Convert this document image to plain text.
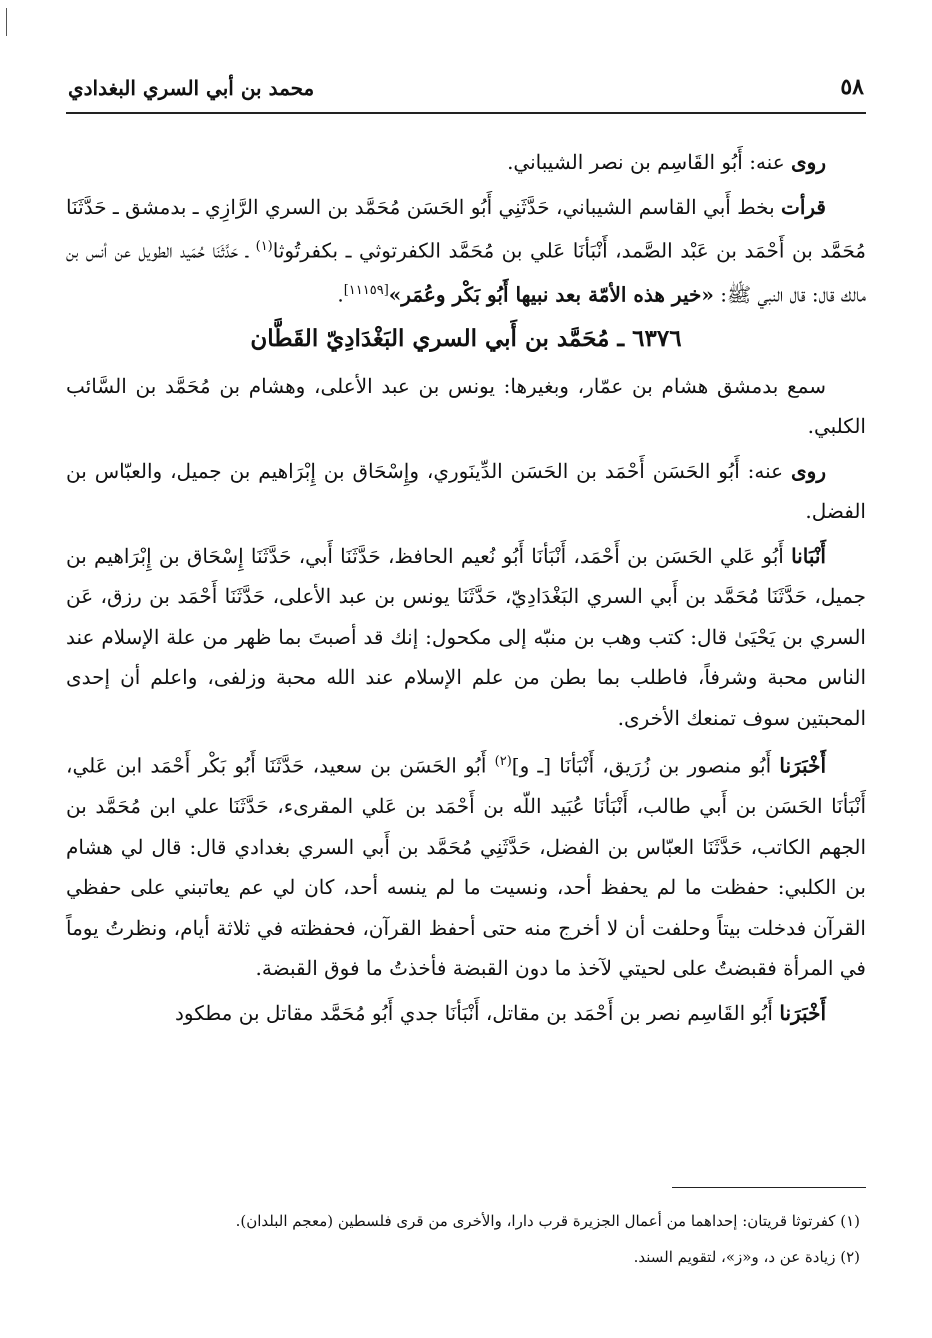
٥٨
محمد بن أبي السري البغدادي

روى عنه: أَبُو القَاسِم بن نصر الشيباني.

قرأت بخط أَبي القاسم الشيباني، حَدَّثَنِي أَبُو الحَسَن مُحَمَّد بن السري الرَّازِي ـ بدمشق ـ حَدَّثَنَا مُحَمَّد بن أَحْمَد بن عَبْد الصَّمد، أَنْبَأنَا عَلي بن مُحَمَّد الكفرتوثي ـ بكفرتُوثا$^{(١)}$ ـ حَدَّثَنَا حُمَيد الطويل عن أنس بن مالك قال: قال النبي ﷺ: «خير هذه الأمّة بعد نبيها أَبُو بَكْر وعُمَر»[١١١٥٩].

٦٣٧٦ ـ مُحَمَّد بن أَبي السري البَغْدَادِيّ القَطَّان

سمع بدمشق هشام بن عمّار، وبغيرها: يونس بن عبد الأعلى، وهشام بن مُحَمَّد بن السَّائب الكلبي.

روى عنه: أَبُو الحَسَن أَحْمَد بن الحَسَن الدِّينَوري، وإِسْحَاق بن إِبْرَاهيم بن جميل، والعبّاس بن الفضل.

أَنْبَانا أَبُو عَلي الحَسَن بن أَحْمَد، أَنْبَأنَا أَبُو نُعيم الحافظ، حَدَّثَنَا أَبي، حَدَّثَنَا إِسْحَاق بن إِبْرَاهيم بن جميل، حَدَّثَنَا مُحَمَّد بن أَبي السري البَغْدَادِيّ، حَدَّثَنَا يونس بن عبد الأعلى، حَدَّثَنَا أَحْمَد بن رزق، عَن السري بن يَحْيَىٰ قال: كتب وهب بن منبّه إلى مكحول: إنك قد أصبتَ بما ظهر من علة الإسلام عند الناس محبة وشرفاً، فاطلب بما بطن من علم الإسلام عند الله محبة وزلفى، واعلم أن إحدى المحبتين سوف تمنعك الأخرى.

أَخْبَرَنا أَبُو منصور بن زُرَيق، أَنْبَأنَا [ـ و]$^{(٢)}$ أَبُو الحَسَن بن سعيد، حَدَّثَنَا أَبُو بَكْر أَحْمَد ابن عَلي، أَنْبَأنَا الحَسَن بن أَبي طالب، أَنْبَأنَا عُبَيد اللّه بن أَحْمَد بن عَلي المقرىء، حَدَّثَنَا علي ابن مُحَمَّد بن الجهم الكاتب، حَدَّثَنَا العبّاس بن الفضل، حَدَّثَنِي مُحَمَّد بن أَبي السري بغدادي قال: قال لي هشام بن الكلبي: حفظت ما لم يحفظ أحد، ونسيت ما لم ينسه أحد، كان لي عم يعاتبني على حفظي القرآن فدخلت بيتاً وحلفت أن لا أخرج منه حتى أحفظ القرآن، فحفظته في ثلاثة أيام، ونظرتُ يوماً في المرأة فقبضتُ على لحيتي لآخذ ما دون القبضة فأخذتُ ما فوق القبضة.

أَخْبَرَنا أَبُو القَاسِم نصر بن أَحْمَد بن مقاتل، أَنْبَأنَا جدي أَبُو مُحَمَّد مقاتل بن مطكود

(١) كفرتوثا قريتان: إحداهما من أعمال الجزيرة قرب دارا، والأخرى من قرى فلسطين (معجم البلدان).

(٢) زيادة عن د، و«ز»، لتقويم السند.
